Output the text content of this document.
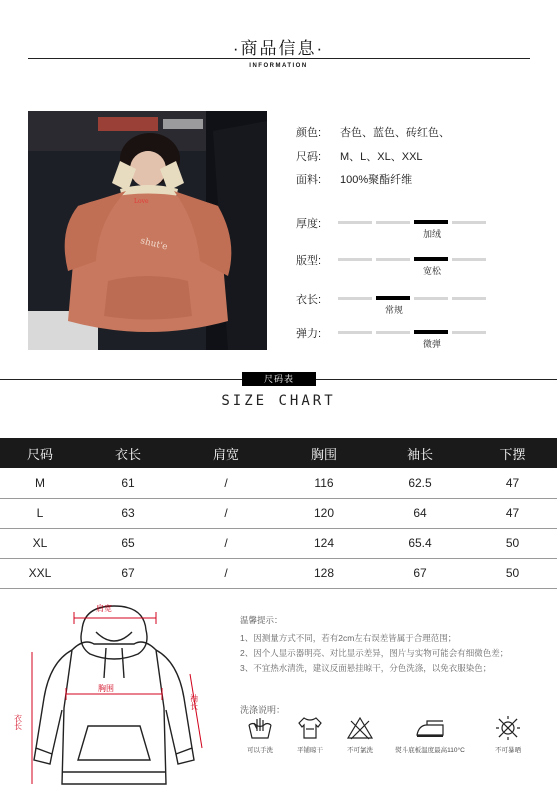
·商品信息·
INFORMATION
shut'e
Love
颜色: 杏色、蓝色、砖红色、
尺码: M、L、XL、XXL
面料: 100%聚酯纤维
厚度:
加绒
版型:
宽松
衣长:
常规
弹力:
微弹
尺码表
SIZE CHART
尺码	衣长	肩宽	胸围	袖长	下摆
M	61	/	116	62.5	47
L	63	/	120	64	47
XL	65	/	124	65.4	50
XXL	67	/	128	67	50
肩宽
胸围
衣长
袖长
温馨提示：
1、因测量方式不同，若有2cm左右误差皆属于合理范围；
2、因个人显示器明亮、对比显示差异，图片与实物可能会有细微色差；
3、不宜热水清洗，建议反面悬挂晾干，分色洗涤，以免衣服染色；
洗涤说明：
可以手洗	平铺晾干	不可氯洗	熨斗底板温度最高110°C	不可暴晒
